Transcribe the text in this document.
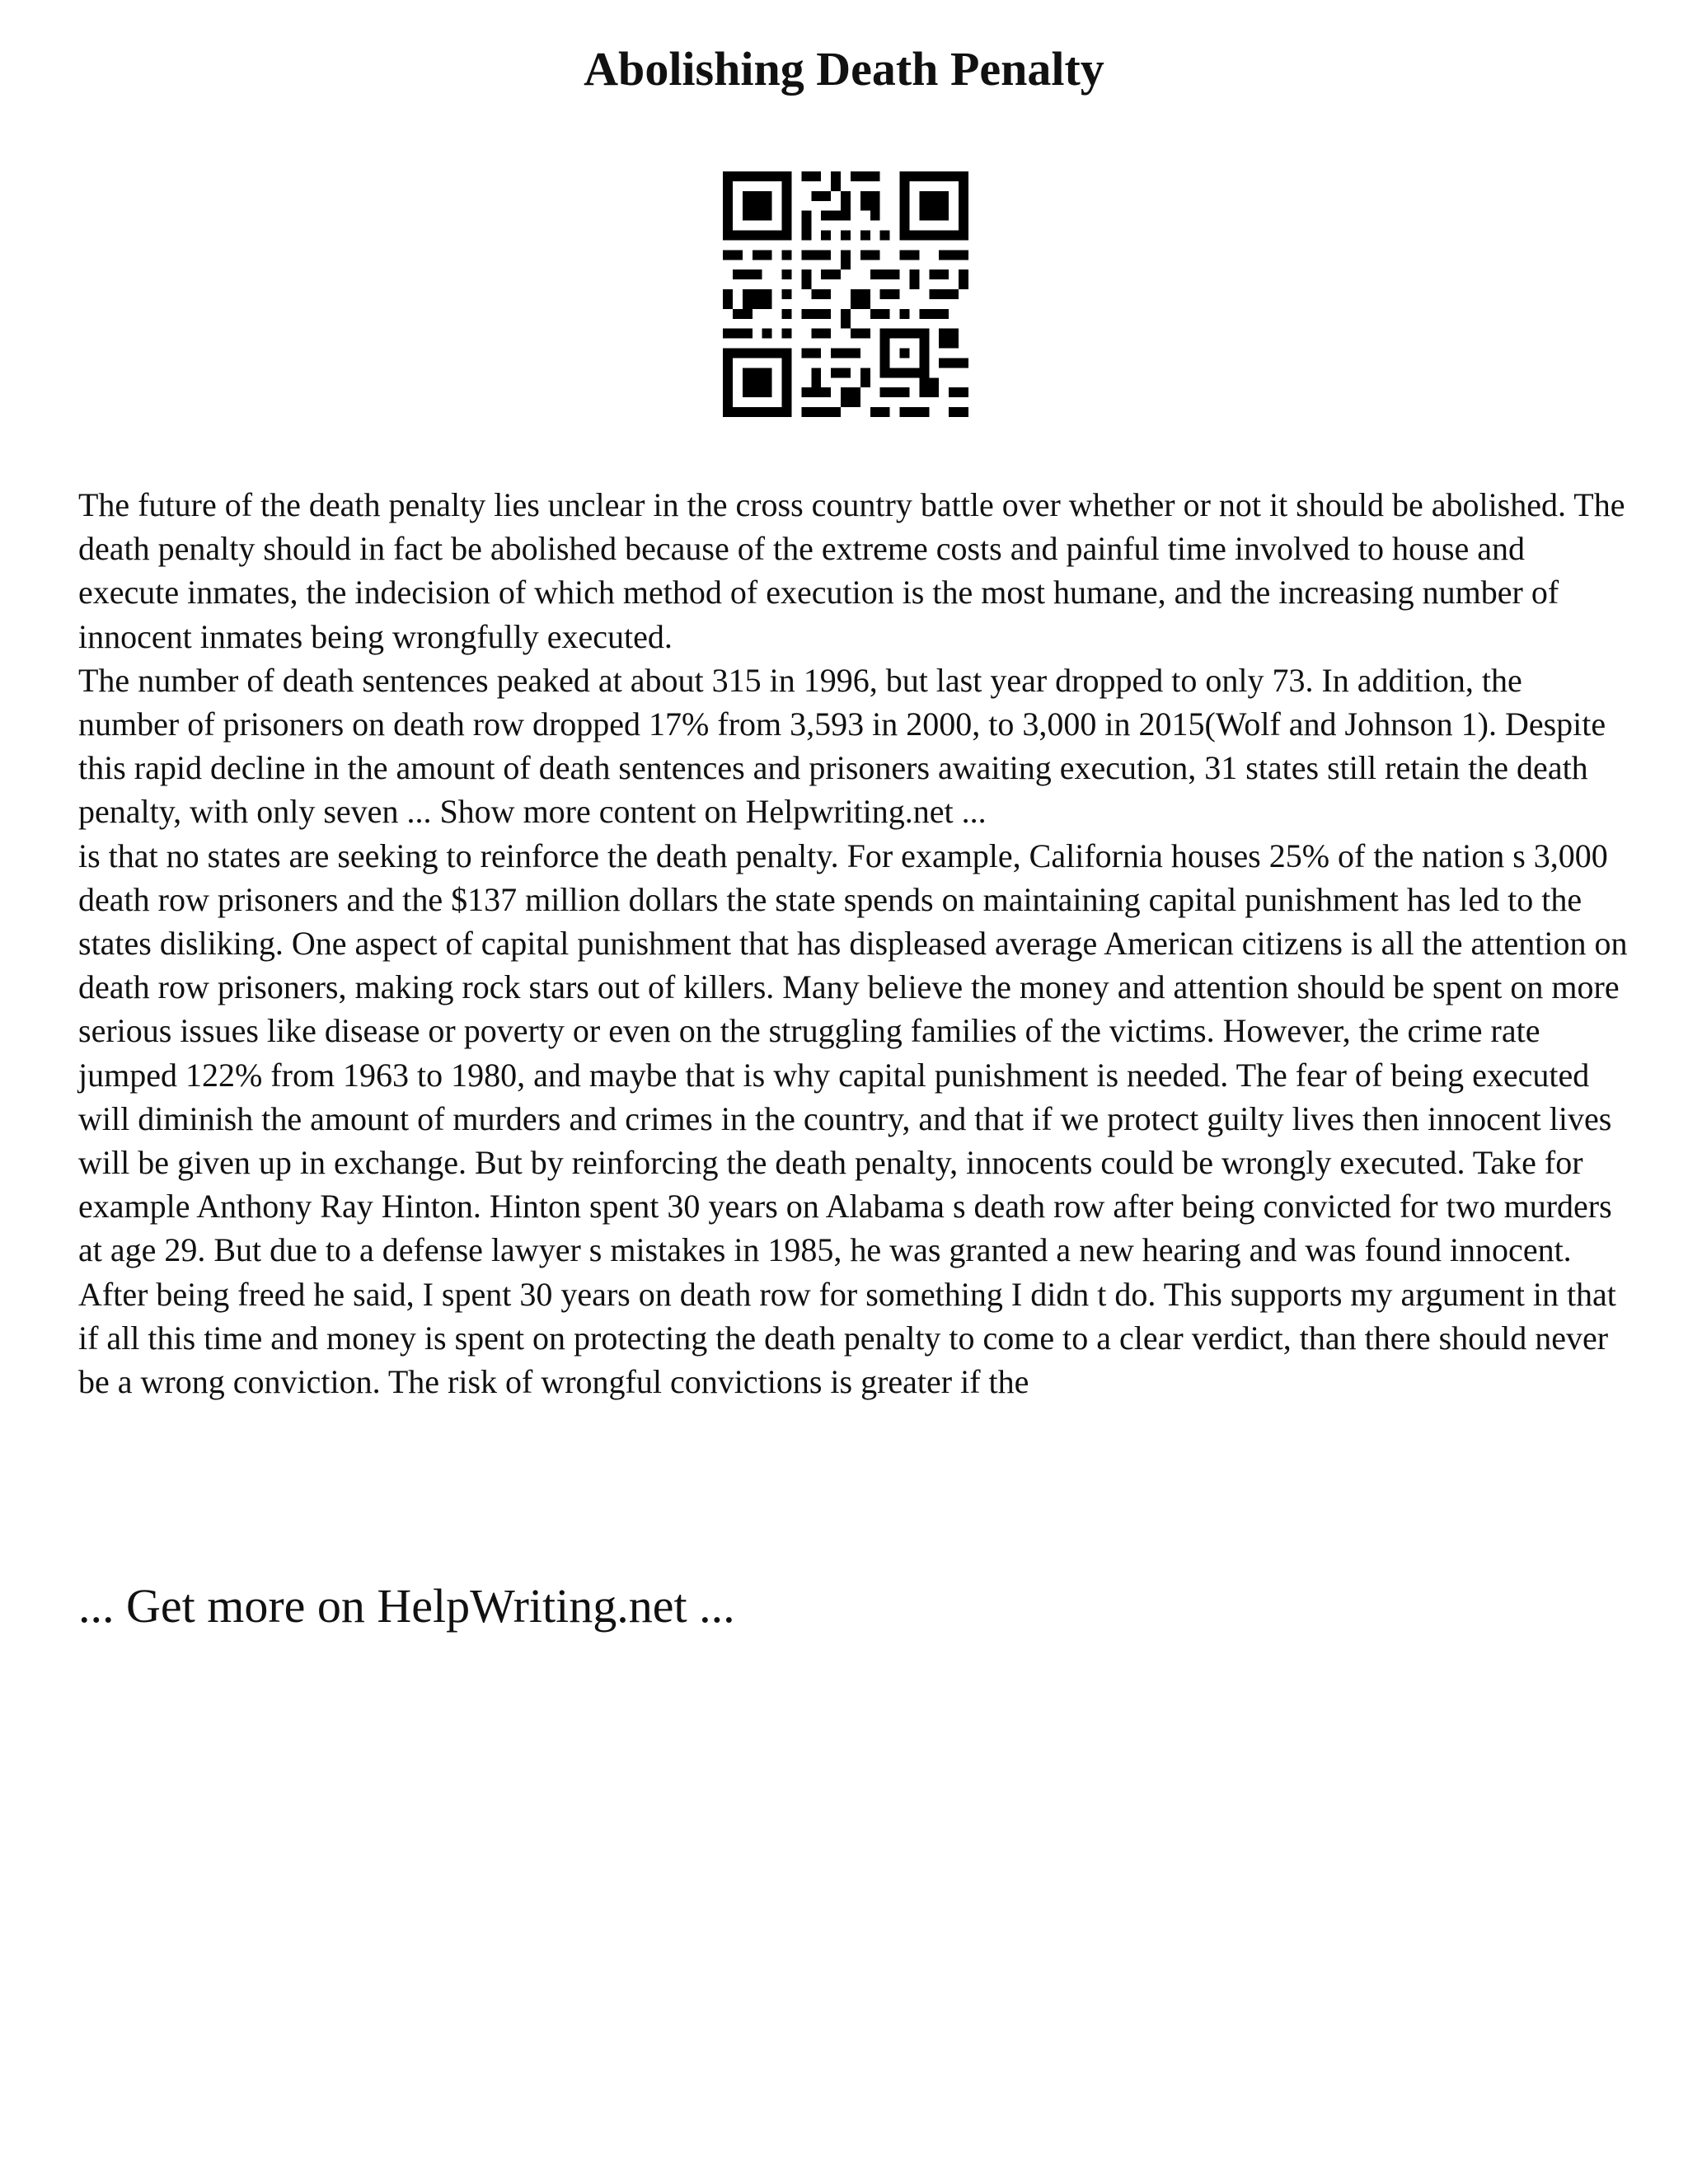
Abolishing Death Penalty

The future of the death penalty lies unclear in the cross country battle over whether or not it should be abolished. The death penalty should in fact be abolished because of the extreme costs and painful time involved to house and execute inmates, the indecision of which method of execution is the most humane, and the increasing number of innocent inmates being wrongfully executed.

The number of death sentences peaked at about 315 in 1996, but last year dropped to only 73. In addition, the number of prisoners on death row dropped 17% from 3,593 in 2000, to 3,000 in 2015(Wolf and Johnson 1). Despite this rapid decline in the amount of death sentences and prisoners awaiting execution, 31 states still retain the death penalty, with only seven ... Show more content on Helpwriting.net ...

is that no states are seeking to reinforce the death penalty. For example, California houses 25% of the nation s 3,000 death row prisoners and the $137 million dollars the state spends on maintaining capital punishment has led to the states disliking. One aspect of capital punishment that has displeased average American citizens is all the attention on death row prisoners, making rock stars out of killers. Many believe the money and attention should be spent on more serious issues like disease or poverty or even on the struggling families of the victims. However, the crime rate jumped 122% from 1963 to 1980, and maybe that is why capital punishment is needed. The fear of being executed will diminish the amount of murders and crimes in the country, and that if we protect guilty lives then innocent lives will be given up in exchange. But by reinforcing the death penalty, innocents could be wrongly executed. Take for example Anthony Ray Hinton. Hinton spent 30 years on Alabama s death row after being convicted for two murders at age 29. But due to a defense lawyer s mistakes in 1985, he was granted a new hearing and was found innocent. After being freed he said, I spent 30 years on death row for something I didn t do. This supports my argument in that if all this time and money is spent on protecting the death penalty to come to a clear verdict, than there should never be a wrong conviction. The risk of wrongful convictions is greater if the

... Get more on HelpWriting.net ...
